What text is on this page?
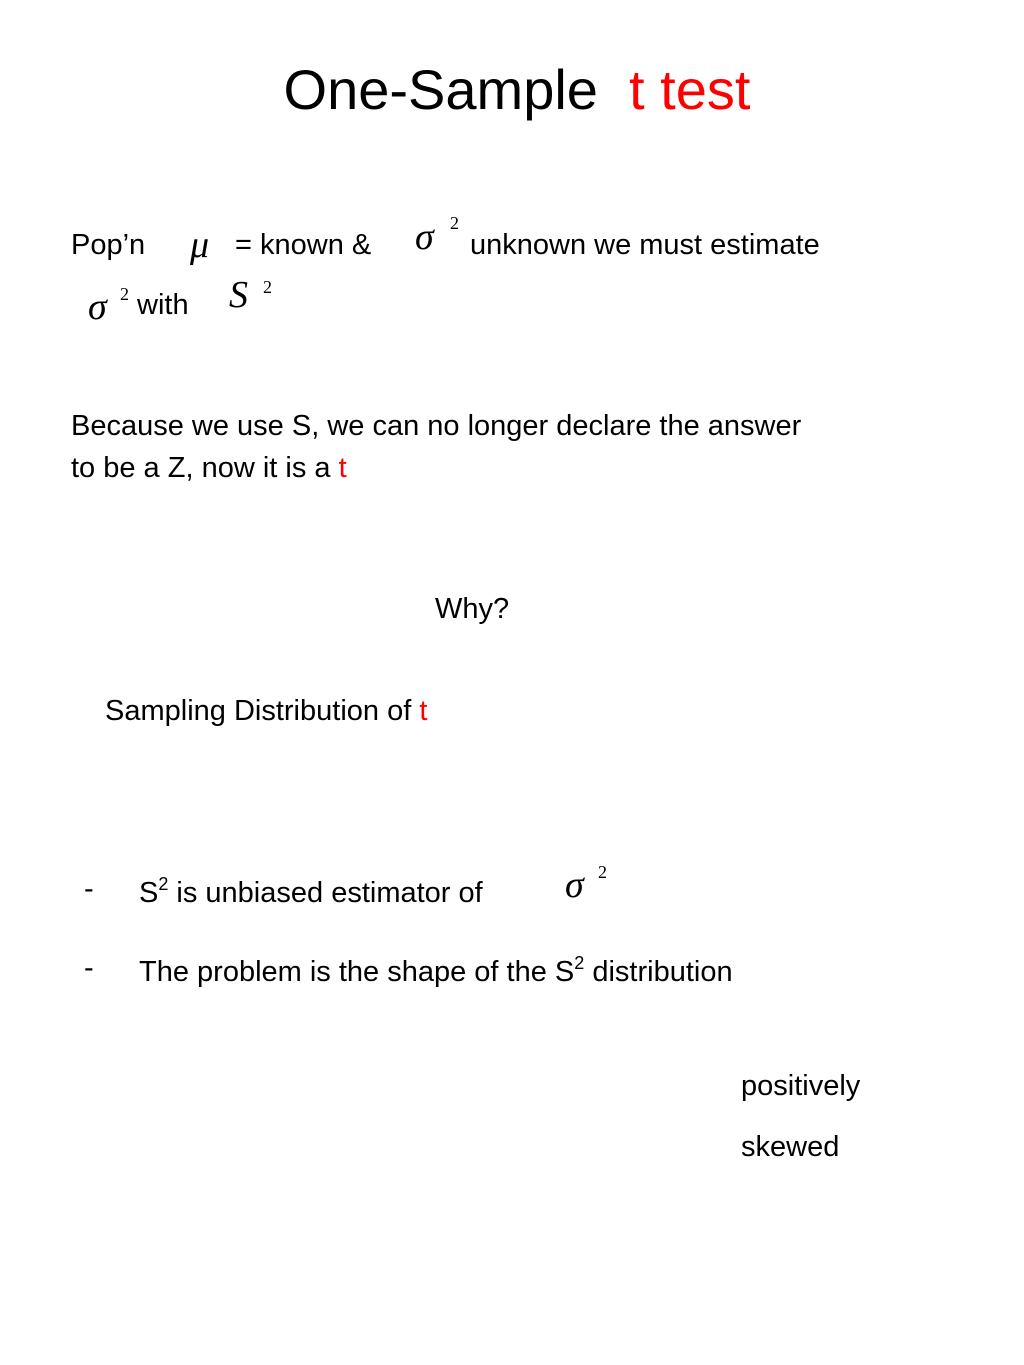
One-Sample t test
Pop’n μ = known & σ 2
unknown we must estimate
σ 2 with S 2
Because we use S, we can no longer declare the answer
to be a Z, now it is a t
Why?
Sampling Distribution of t
- $S^2$ is unbiased estimator of σ 2
- The problem is the shape of the $S^2$ distribution
positively
skewed
